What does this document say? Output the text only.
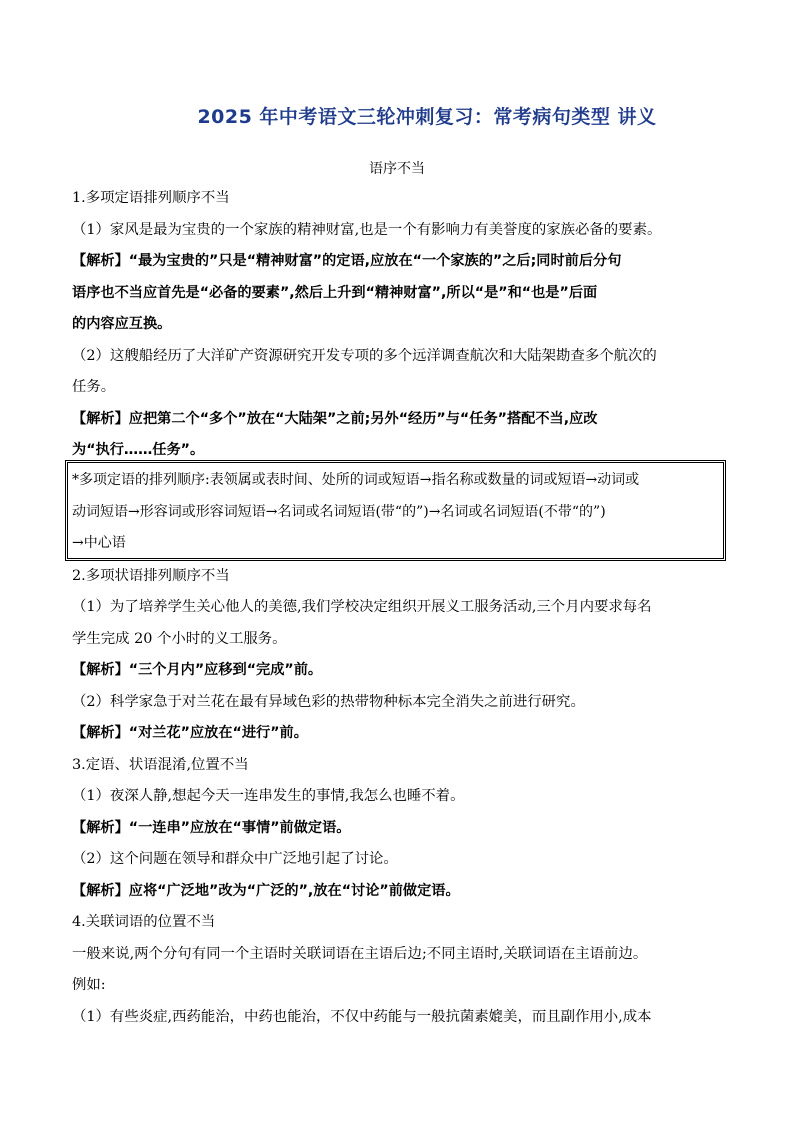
2025 年中考语文三轮冲刺复习：常考病句类型 讲义
语序不当
1.多项定语排列顺序不当
（1）家风是最为宝贵的一个家族的精神财富,也是一个有影响力有美誉度的家族必备的要素。
【解析】“最为宝贵的”只是“精神财富”的定语,应放在“一个家族的”之后;同时前后分句
语序也不当应首先是“必备的要素”,然后上升到“精神财富”,所以“是”和“也是”后面
的内容应互换。
（2）这艘船经历了大洋矿产资源研究开发专项的多个远洋调查航次和大陆架勘查多个航次的
任务。
【解析】应把第二个“多个”放在“大陆架”之前;另外“经历”与“任务”搭配不当,应改
为“执行……任务”。
*多项定语的排列顺序:表领属或表时间、处所的词或短语→指名称或数量的词或短语→动词或
动词短语→形容词或形容词短语→名词或名词短语(带“的”)→名词或名词短语(不带“的”)
→中心语
2.多项状语排列顺序不当
（1）为了培养学生关心他人的美德,我们学校决定组织开展义工服务活动,三个月内要求每名
学生完成 20 个小时的义工服务。
【解析】“三个月内”应移到“完成”前。
（2）科学家急于对兰花在最有异域色彩的热带物种标本完全消失之前进行研究。
【解析】“对兰花”应放在“进行”前。
3.定语、状语混淆,位置不当
（1）夜深人静,想起今天一连串发生的事情,我怎么也睡不着。
【解析】“一连串”应放在“事情”前做定语。
（2）这个问题在领导和群众中广泛地引起了讨论。
【解析】应将“广泛地”改为“广泛的”,放在“讨论”前做定语。
4.关联词语的位置不当
一般来说,两个分句有同一个主语时关联词语在主语后边;不同主语时,关联词语在主语前边。
例如:
（1）有些炎症,西药能治，中药也能治，不仅中药能与一般抗菌素媲美，而且副作用小,成本
